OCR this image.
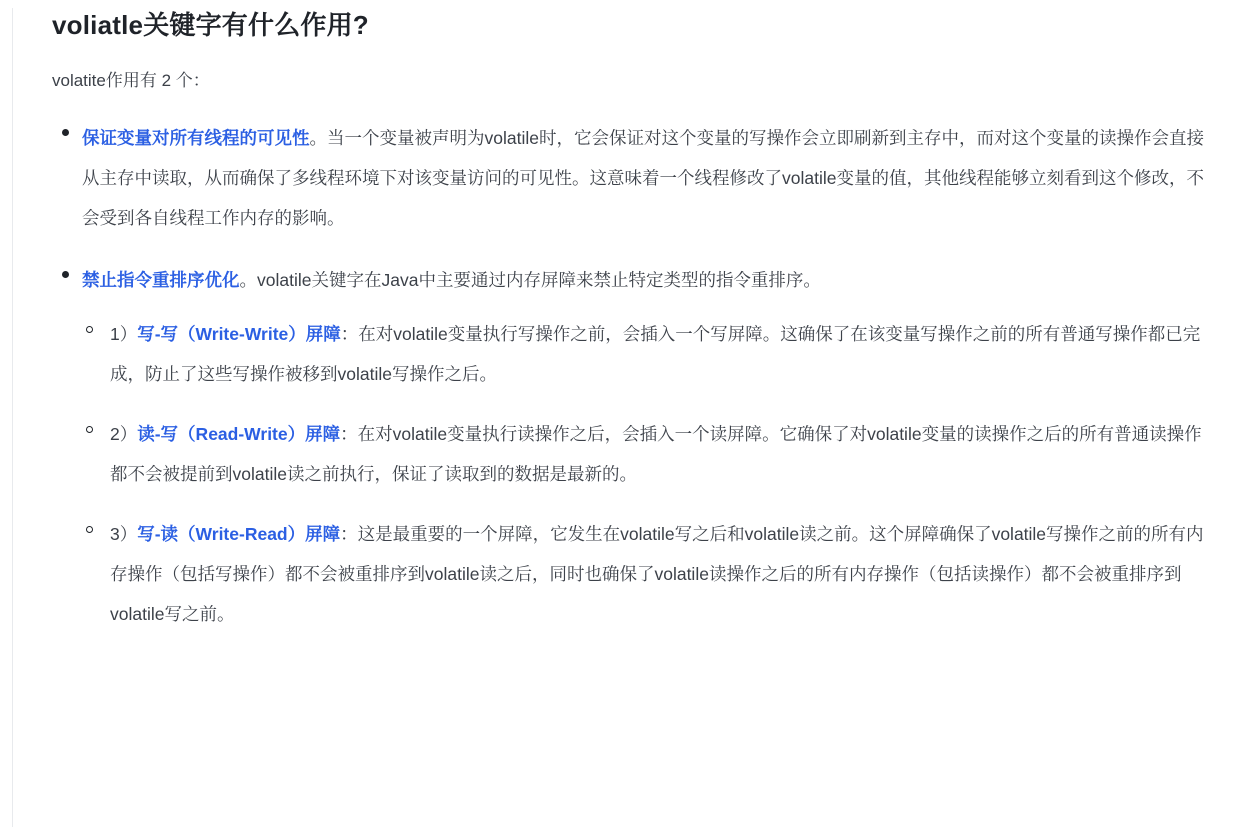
voliatle关键字有什么作用?

volatite作用有 2 个：

保证变量对所有线程的可见性。当一个变量被声明为volatile时，它会保证对这个变量的写操作会立即刷新到主存中，而对这个变量的读操作会直接从主存中读取，从而确保了多线程环境下对该变量访问的可见性。这意味着一个线程修改了volatile变量的值，其他线程能够立刻看到这个修改，不会受到各自线程工作内存的影响。
禁止指令重排序优化。volatile关键字在Java中主要通过内存屏障来禁止特定类型的指令重排序。
1）写-写（Write-Write）屏障：在对volatile变量执行写操作之前，会插入一个写屏障。这确保了在该变量写操作之前的所有普通写操作都已完成，防止了这些写操作被移到volatile写操作之后。
2）读-写（Read-Write）屏障：在对volatile变量执行读操作之后，会插入一个读屏障。它确保了对volatile变量的读操作之后的所有普通读操作都不会被提前到volatile读之前执行，保证了读取到的数据是最新的。
3）写-读（Write-Read）屏障：这是最重要的一个屏障，它发生在volatile写之后和volatile读之前。这个屏障确保了volatile写操作之前的所有内存操作（包括写操作）都不会被重排序到volatile读之后，同时也确保了volatile读操作之后的所有内存操作（包括读操作）都不会被重排序到volatile写之前。
